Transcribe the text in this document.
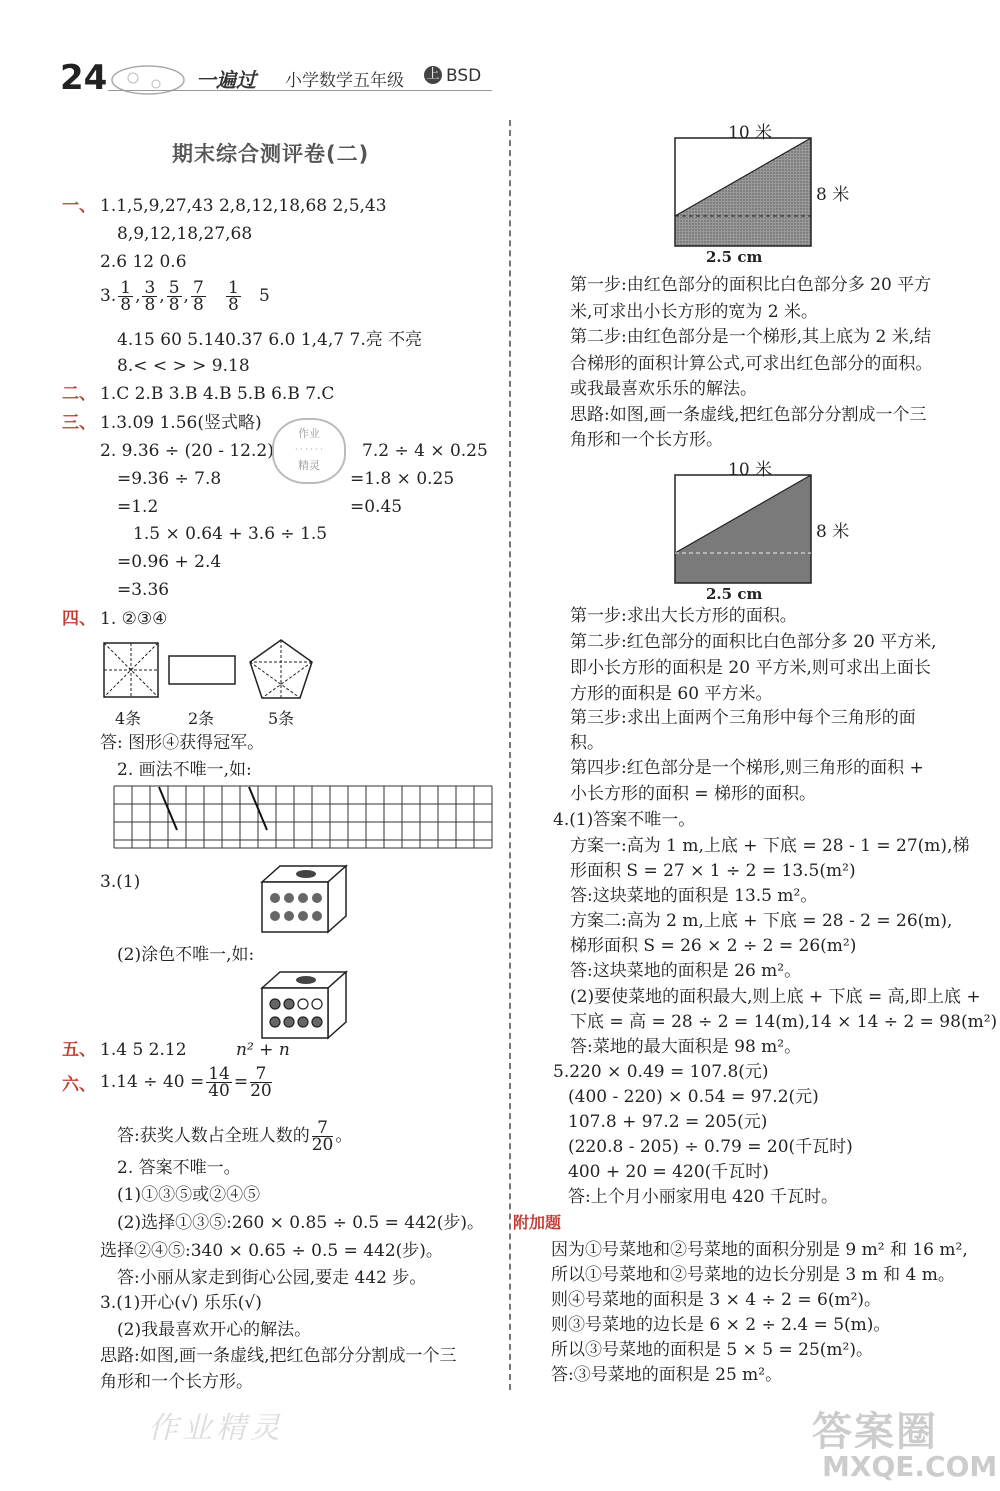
24	一遍过 小学数学五年级 上 BSD
期末综合测评卷(二)
一、 1.1,5,9,27,43 2,8,12,18,68 2,5,43
8,9,12,18,27,68
2.6 12 0.6
3. $\frac{1}{8}$ , $\frac{3}{8}$ , $\frac{5}{8}$ , $\frac{7}{8}$
$\frac{1}{8} 5$
4.15 60 5.140.37 6.0 1,4,7 7.亮 不亮
8.< < > > 9.18
二、 1.C 2.B 3.B 4.B 5.B 6.B 7.C
三、 1.3.09 1.56(竖式略)
2. 9.36 ÷ (20 - 12.2)
=9.36 ÷ 7.8
=1.2
7.2 ÷ 4 × 0.25
=1.8 × 0.25
=0.45
1.5 × 0.64 + 3.6 ÷ 1.5
=0.96 + 2.4
=3.36
作业
· · · · · ·
精灵
四、 1. ②③④
4条	2条	5条
答: 图形④获得冠军。
2. 画法不唯一,如:
3.(1)
(2)涂色不唯一,如:
五、 1.4 5 2.12	n² + n
六、 $1.14 \div 40 = \frac{14}{40} = \frac{7}{20}$
答:获奖人数占全班人数的 $\frac{7}{20}$ 。
2. 答案不唯一。
(1)①③⑤或②④⑤
(2)选择①③⑤:260 × 0.85 ÷ 0.5 = 442(步)。
选择②④⑤:340 × 0.65 ÷ 0.5 = 442(步)。
答:小丽从家走到街心公园,要走 442 步。
3.(1)开心(√) 乐乐(√)
(2)我最喜欢开心的解法。
思路:如图,画一条虚线,把红色部分分割成一个三
角形和一个长方形。
作业精灵
10 米
8 米
2.5 cm
第一步:由红色部分的面积比白色部分多 20 平方
米,可求出小长方形的宽为 2 米。
第二步:由红色部分是一个梯形,其上底为 2 米,结
合梯形的面积计算公式,可求出红色部分的面积。
或我最喜欢乐乐的解法。
思路:如图,画一条虚线,把红色部分分割成一个三
角形和一个长方形。
10 米
8 米
2.5 cm
第一步:求出大长方形的面积。
第二步:红色部分的面积比白色部分多 20 平方米,
即小长方形的面积是 20 平方米,则可求出上面长
方形的面积是 60 平方米。
第三步:求出上面两个三角形中每个三角形的面
积。
第四步:红色部分是一个梯形,则三角形的面积 +
小长方形的面积 = 梯形的面积。
4.(1)答案不唯一。
方案一:高为 1 m,上底 + 下底 = 28 - 1 = 27(m),梯
形面积 S = 27 × 1 ÷ 2 = 13.5(m²)
答:这块菜地的面积是 13.5 m²。
方案二:高为 2 m,上底 + 下底 = 28 - 2 = 26(m),
梯形面积 S = 26 × 2 ÷ 2 = 26(m²)
答:这块菜地的面积是 26 m²。
(2)要使菜地的面积最大,则上底 + 下底 = 高,即上底 +
下底 = 高 = 28 ÷ 2 = 14(m),14 × 14 ÷ 2 = 98(m²)
答:菜地的最大面积是 98 m²。
5.220 × 0.49 = 107.8(元)
(400 - 220) × 0.54 = 97.2(元)
107.8 + 97.2 = 205(元)
(220.8 - 205) ÷ 0.79 = 20(千瓦时)
400 + 20 = 420(千瓦时)
答:上个月小丽家用电 420 千瓦时。
附加题
因为①号菜地和②号菜地的面积分别是 9 m² 和 16 m²,
所以①号菜地和②号菜地的边长分别是 3 m 和 4 m。
则④号菜地的面积是 3 × 4 ÷ 2 = 6(m²)。
则③号菜地的边长是 6 × 2 ÷ 2.4 = 5(m)。
所以③号菜地的面积是 5 × 5 = 25(m²)。
答:③号菜地的面积是 25 m²。
答案圈
MXQE.COM
